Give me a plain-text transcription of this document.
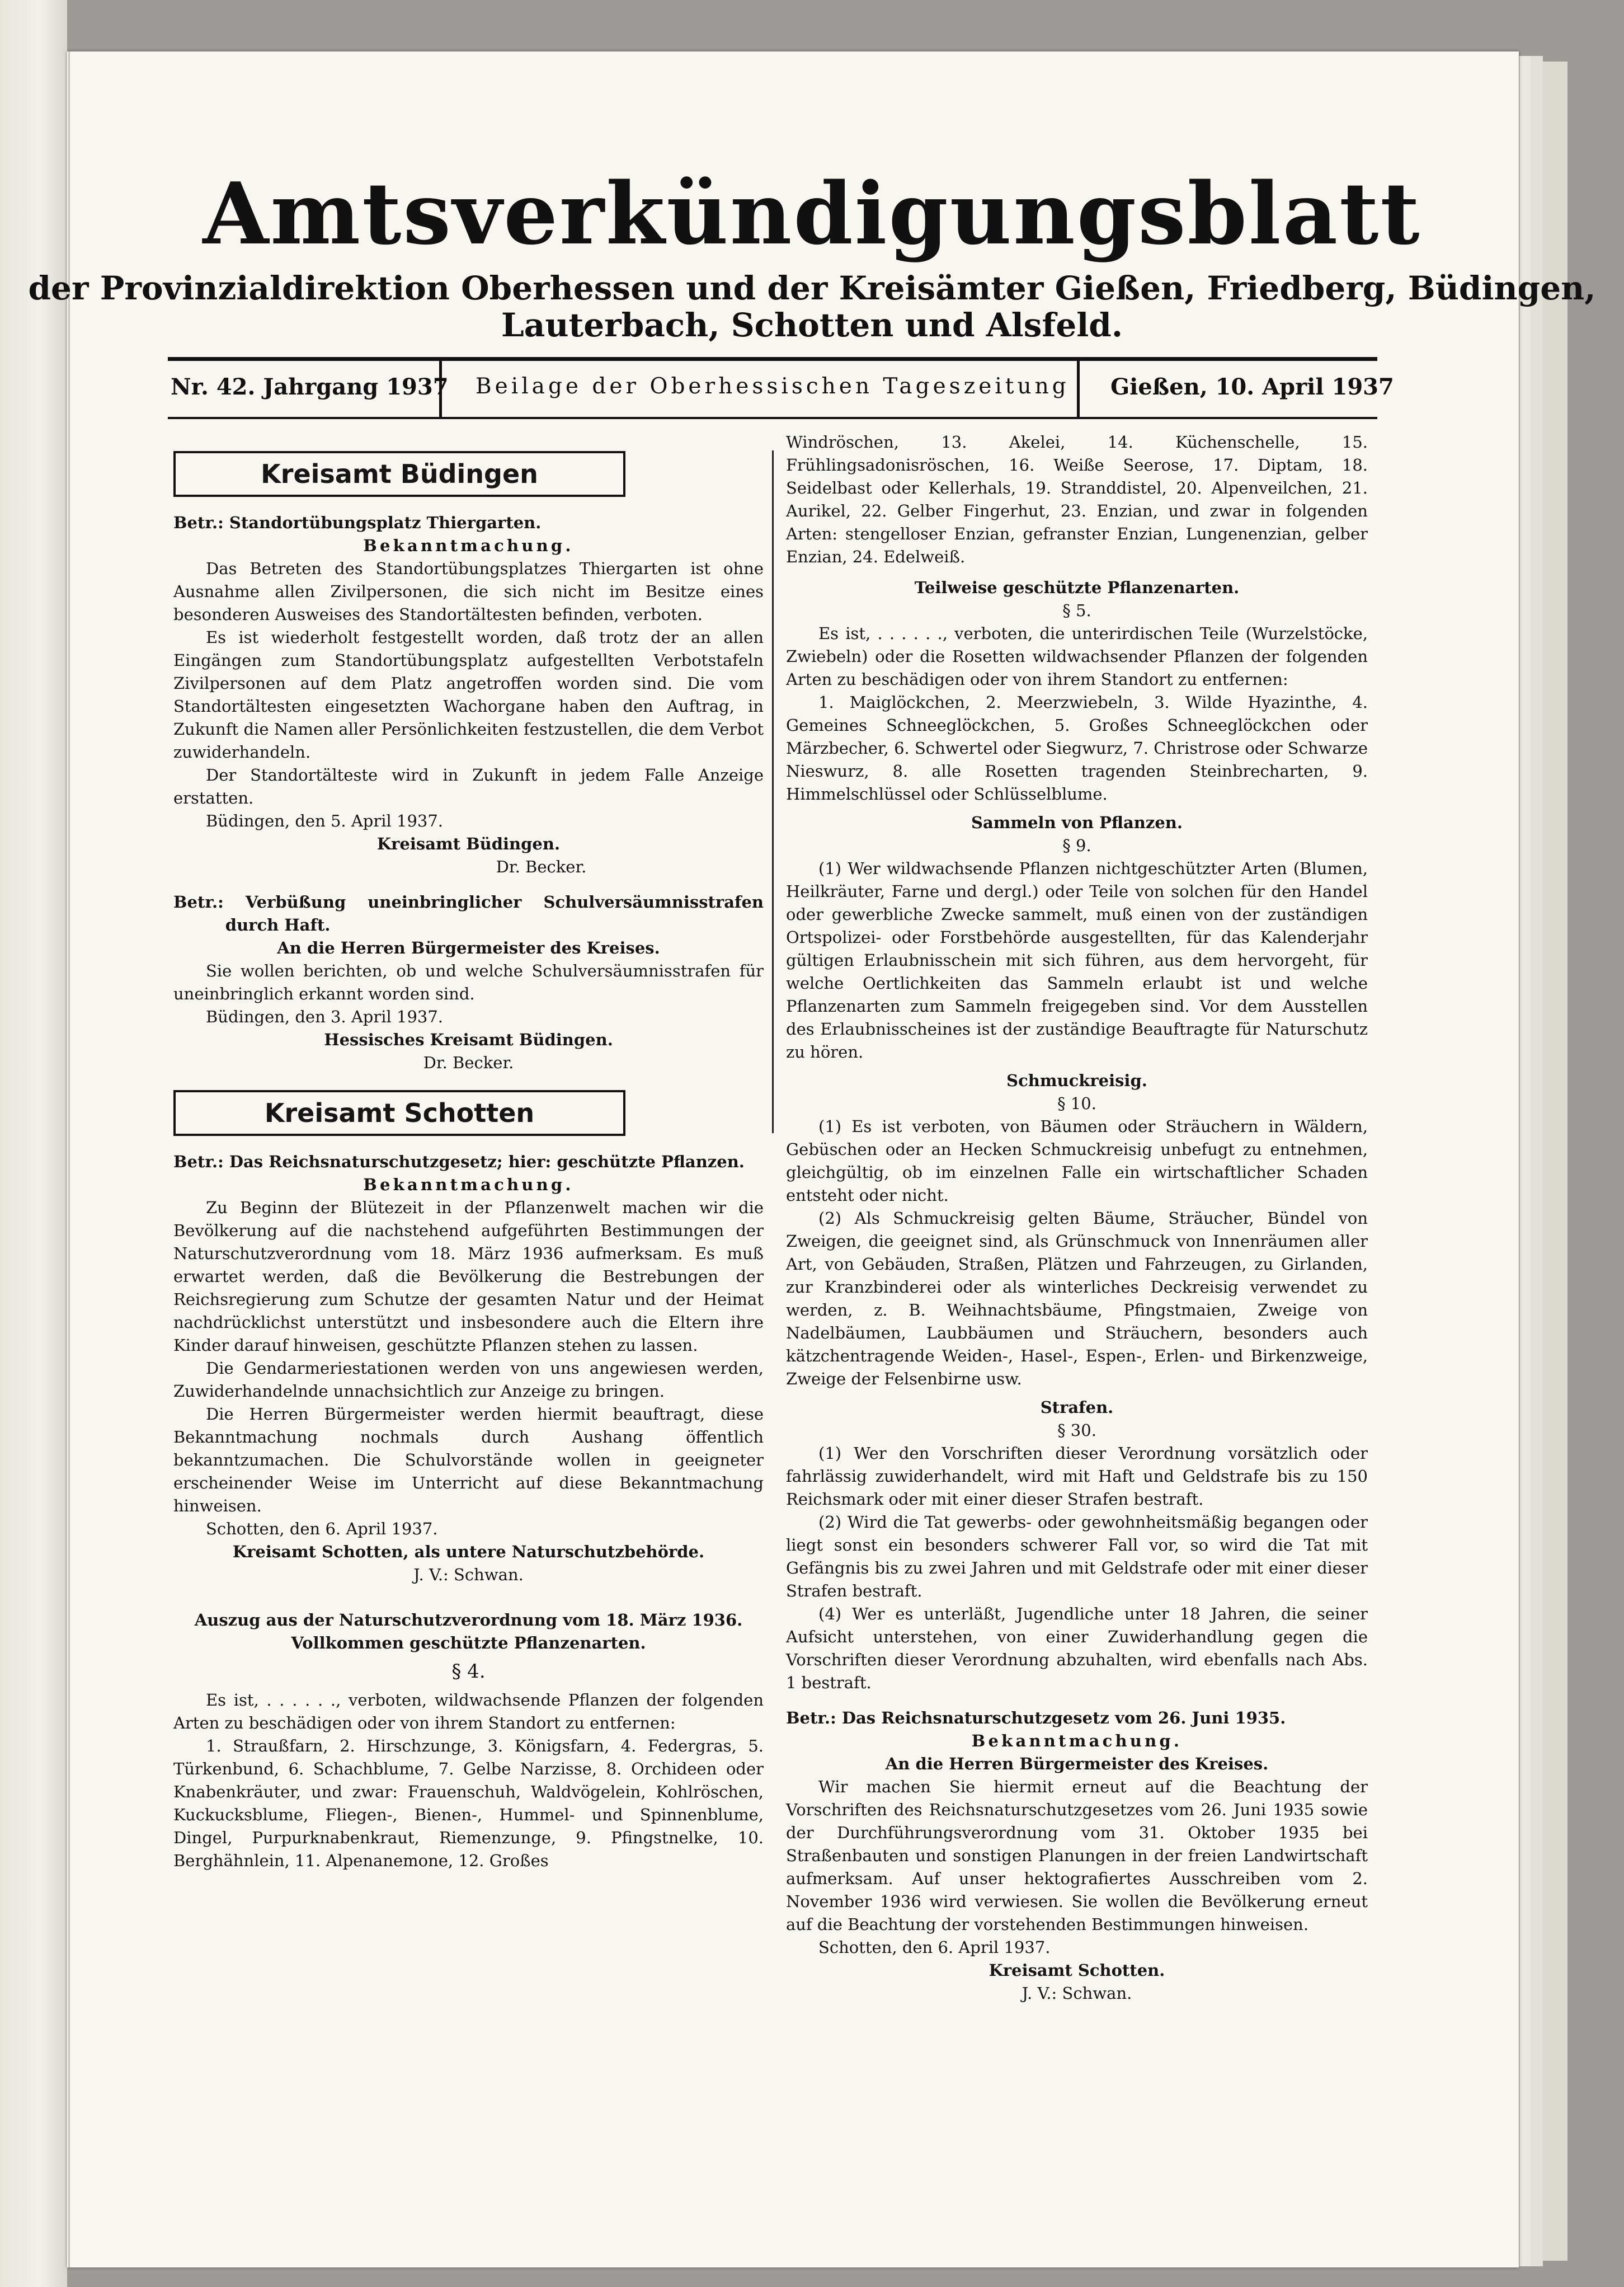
Amtsverkündigungsblatt
der Provinzialdirektion Oberhessen und der Kreisämter Gießen, Friedberg, Büdingen,
Lauterbach, Schotten und Alsfeld.

Nr. 42. Jahrgang 1937 Beilage der Oberhessischen Tageszeitung Gießen, 10. April 1937

Kreisamt Büdingen

Betr.: Standortübungsplatz Thiergarten.

Bekanntmachung.

Das Betreten des Standortübungsplatzes Thiergarten ist ohne Ausnahme allen Zivilpersonen, die sich nicht im Besitze eines besonderen Ausweises des Standortältesten befinden, verboten.

Es ist wiederholt festgestellt worden, daß trotz der an allen Eingängen zum Standortübungsplatz aufgestellten Verbotstafeln Zivilpersonen auf dem Platz angetroffen worden sind. Die vom Standortältesten eingesetzten Wachorgane haben den Auftrag, in Zukunft die Namen aller Persönlichkeiten festzustellen, die dem Verbot zuwiderhandeln.

Der Standortälteste wird in Zukunft in jedem Falle Anzeige erstatten.

Büdingen, den 5. April 1937.

Kreisamt Büdingen.

Dr. Becker.

Betr.: Verbüßung uneinbringlicher Schulversäumnisstrafen durch Haft.

An die Herren Bürgermeister des Kreises.

Sie wollen berichten, ob und welche Schulversäumnisstrafen für uneinbringlich erkannt worden sind.

Büdingen, den 3. April 1937.

Hessisches Kreisamt Büdingen.

Dr. Becker.

Kreisamt Schotten

Betr.: Das Reichsnaturschutzgesetz; hier: geschützte Pflanzen.

Bekanntmachung.

Zu Beginn der Blütezeit in der Pflanzenwelt machen wir die Bevölkerung auf die nachstehend aufgeführten Bestimmungen der Naturschutzverordnung vom 18. März 1936 aufmerksam. Es muß erwartet werden, daß die Bevölkerung die Bestrebungen der Reichsregierung zum Schutze der gesamten Natur und der Heimat nachdrücklichst unterstützt und insbesondere auch die Eltern ihre Kinder darauf hinweisen, geschützte Pflanzen stehen zu lassen.

Die Gendarmeriestationen werden von uns angewiesen werden, Zuwiderhandelnde unnachsichtlich zur Anzeige zu bringen.

Die Herren Bürgermeister werden hiermit beauftragt, diese Bekanntmachung nochmals durch Aushang öffentlich bekanntzumachen. Die Schulvorstände wollen in geeigneter erscheinender Weise im Unterricht auf diese Bekanntmachung hinweisen.

Schotten, den 6. April 1937.

Kreisamt Schotten, als untere Naturschutzbehörde.

J. V.: Schwan.

Auszug aus der Naturschutzverordnung vom 18. März 1936.

Vollkommen geschützte Pflanzenarten.

§ 4.

Es ist, . . . . . ., verboten, wildwachsende Pflanzen der folgenden Arten zu beschädigen oder von ihrem Standort zu entfernen:

1. Straußfarn, 2. Hirschzunge, 3. Königsfarn, 4. Federgras, 5. Türkenbund, 6. Schachblume, 7. Gelbe Narzisse, 8. Orchideen oder Knabenkräuter, und zwar: Frauenschuh, Waldvögelein, Kohlröschen, Kuckucksblume, Fliegen-, Bienen-, Hummel- und Spinnenblume, Dingel, Purpurknabenkraut, Riemenzunge, 9. Pfingstnelke, 10. Berghähnlein, 11. Alpenanemone, 12. Großes

Windröschen, 13. Akelei, 14. Küchenschelle, 15. Frühlingsadonisröschen, 16. Weiße Seerose, 17. Diptam, 18. Seidelbast oder Kellerhals, 19. Stranddistel, 20. Alpenveilchen, 21. Aurikel, 22. Gelber Fingerhut, 23. Enzian, und zwar in folgenden Arten: stengelloser Enzian, gefranster Enzian, Lungenenzian, gelber Enzian, 24. Edelweiß.

Teilweise geschützte Pflanzenarten.

§ 5.

Es ist, . . . . . ., verboten, die unterirdischen Teile (Wurzelstöcke, Zwiebeln) oder die Rosetten wildwachsender Pflanzen der folgenden Arten zu beschädigen oder von ihrem Standort zu entfernen:

1. Maiglöckchen, 2. Meerzwiebeln, 3. Wilde Hyazinthe, 4. Gemeines Schneeglöckchen, 5. Großes Schneeglöckchen oder Märzbecher, 6. Schwertel oder Siegwurz, 7. Christrose oder Schwarze Nieswurz, 8. alle Rosetten tragenden Steinbrecharten, 9. Himmelschlüssel oder Schlüsselblume.

Sammeln von Pflanzen.

§ 9.

(1) Wer wildwachsende Pflanzen nichtgeschützter Arten (Blumen, Heilkräuter, Farne und dergl.) oder Teile von solchen für den Handel oder gewerbliche Zwecke sammelt, muß einen von der zuständigen Ortspolizei- oder Forstbehörde ausgestellten, für das Kalenderjahr gültigen Erlaubnisschein mit sich führen, aus dem hervorgeht, für welche Oertlichkeiten das Sammeln erlaubt ist und welche Pflanzenarten zum Sammeln freigegeben sind. Vor dem Ausstellen des Erlaubnisscheines ist der zuständige Beauftragte für Naturschutz zu hören.

Schmuckreisig.

§ 10.

(1) Es ist verboten, von Bäumen oder Sträuchern in Wäldern, Gebüschen oder an Hecken Schmuckreisig unbefugt zu entnehmen, gleichgültig, ob im einzelnen Falle ein wirtschaftlicher Schaden entsteht oder nicht.

(2) Als Schmuckreisig gelten Bäume, Sträucher, Bündel von Zweigen, die geeignet sind, als Grünschmuck von Innenräumen aller Art, von Gebäuden, Straßen, Plätzen und Fahrzeugen, zu Girlanden, zur Kranzbinderei oder als winterliches Deckreisig verwendet zu werden, z. B. Weihnachtsbäume, Pfingstmaien, Zweige von Nadelbäumen, Laubbäumen und Sträuchern, besonders auch kätzchentragende Weiden-, Hasel-, Espen-, Erlen- und Birkenzweige, Zweige der Felsenbirne usw.

Strafen.

§ 30.

(1) Wer den Vorschriften dieser Verordnung vorsätzlich oder fahrlässig zuwiderhandelt, wird mit Haft und Geldstrafe bis zu 150 Reichsmark oder mit einer dieser Strafen bestraft.

(2) Wird die Tat gewerbs- oder gewohnheitsmäßig begangen oder liegt sonst ein besonders schwerer Fall vor, so wird die Tat mit Gefängnis bis zu zwei Jahren und mit Geldstrafe oder mit einer dieser Strafen bestraft.

(4) Wer es unterläßt, Jugendliche unter 18 Jahren, die seiner Aufsicht unterstehen, von einer Zuwiderhandlung gegen die Vorschriften dieser Verordnung abzuhalten, wird ebenfalls nach Abs. 1 bestraft.

Betr.: Das Reichsnaturschutzgesetz vom 26. Juni 1935.

Bekanntmachung.

An die Herren Bürgermeister des Kreises.

Wir machen Sie hiermit erneut auf die Beachtung der Vorschriften des Reichsnaturschutzgesetzes vom 26. Juni 1935 sowie der Durchführungsverordnung vom 31. Oktober 1935 bei Straßenbauten und sonstigen Planungen in der freien Landwirtschaft aufmerksam. Auf unser hektografiertes Ausschreiben vom 2. November 1936 wird verwiesen. Sie wollen die Bevölkerung erneut auf die Beachtung der vorstehenden Bestimmungen hinweisen.

Schotten, den 6. April 1937.

Kreisamt Schotten.

J. V.: Schwan.
